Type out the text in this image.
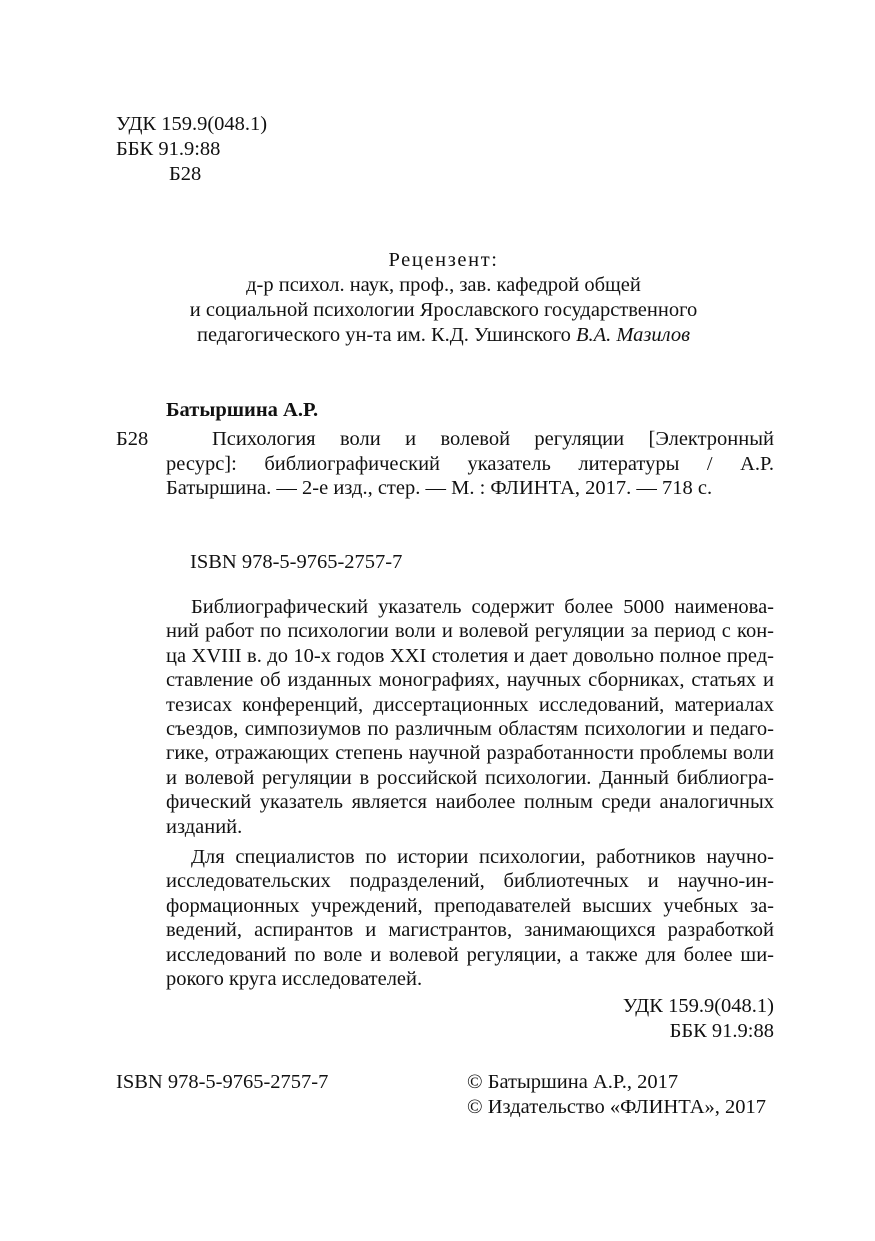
УДК 159.9(048.1)
ББК 91.9:88
Б28
Рецензент:
д-р психол. наук, проф., зав. кафедрой общей
и социальной психологии Ярославского государственного
педагогического ун-та им. К.Д. Ушинского В.А. Мазилов
Батыршина А.Р.
Б28	Психология воли и волевой регуляции [Электронный
ресурс]: библиографический указатель литературы / А.Р.
Батыршина. — 2-е изд., стер. — М. : ФЛИНТА, 2017. — 718 с.
ISBN 978-5-9765-2757-7
Библиографический указатель содержит более 5000 наименова-
ний работ по психологии воли и волевой регуляции за период с кон-
ца XVIII в. до 10-х годов XXI столетия и дает довольно полное пред-
ставление об изданных монографиях, научных сборниках, статьях и
тезисах конференций, диссертационных исследований, материалах
съездов, симпозиумов по различным областям психологии и педаго-
гике, отражающих степень научной разработанности проблемы воли
и волевой регуляции в российской психологии. Данный библиогра-
фический указатель является наиболее полным среди аналогичных
изданий.
Для специалистов по истории психологии, работников научно-
исследовательских подразделений, библиотечных и научно-ин-
формационных учреждений, преподавателей высших учебных за-
ведений, аспирантов и магистрантов, занимающихся разработкой
исследований по воле и волевой регуляции, а также для более ши-
рокого круга исследователей.
УДК 159.9(048.1)
ББК 91.9:88
ISBN 978-5-9765-2757-7	© Батыршина А.Р., 2017
© Издательство «ФЛИНТА», 2017
